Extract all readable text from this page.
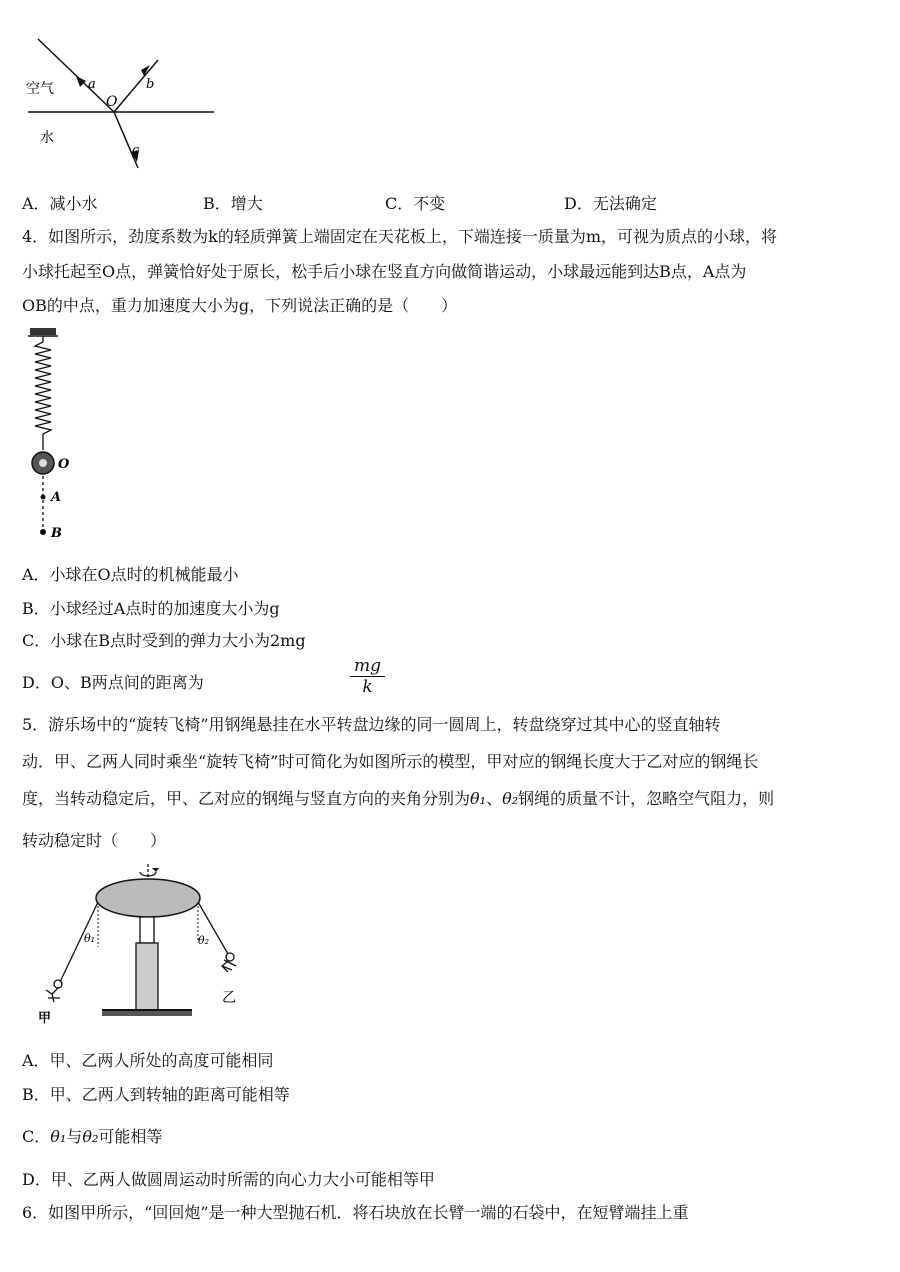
空气
水
a
O
b
c
A．减小水	B．增大	C．不变	D．无法确定
4．如图所示，劲度系数为k的轻质弹簧上端固定在天花板上，下端连接一质量为m，可视为质点的小球，将
小球托起至O点，弹簧恰好处于原长，松手后小球在竖直方向做简谐运动，小球最远能到达B点，A点为
OB的中点，重力加速度大小为g，下列说法正确的是（　　）
O
A
B
A．小球在O点时的机械能最小
B．小球经过A点时的加速度大小为g
C．小球在B点时受到的弹力大小为2mg
D．O、B两点间的距离为	$\frac{mg}{k}$
5．游乐场中的“旋转飞椅”用钢绳悬挂在水平转盘边缘的同一圆周上，转盘绕穿过其中心的竖直轴转
动．甲、乙两人同时乘坐“旋转飞椅”时可简化为如图所示的模型，甲对应的钢绳长度大于乙对应的钢绳长
度，当转动稳定后，甲、乙对应的钢绳与竖直方向的夹角分别为θ₁、θ₂钢绳的质量不计，忽略空气阻力，则
转动稳定时（　　）
θ₁	θ₂
甲
乙
A．甲、乙两人所处的高度可能相同
B．甲、乙两人到转轴的距离可能相等
C．θ₁与θ₂可能相等
D．甲、乙两人做圆周运动时所需的向心力大小可能相等甲
6．如图甲所示，“回回炮”是一种大型抛石机．将石块放在长臂一端的石袋中，在短臂端挂上重
